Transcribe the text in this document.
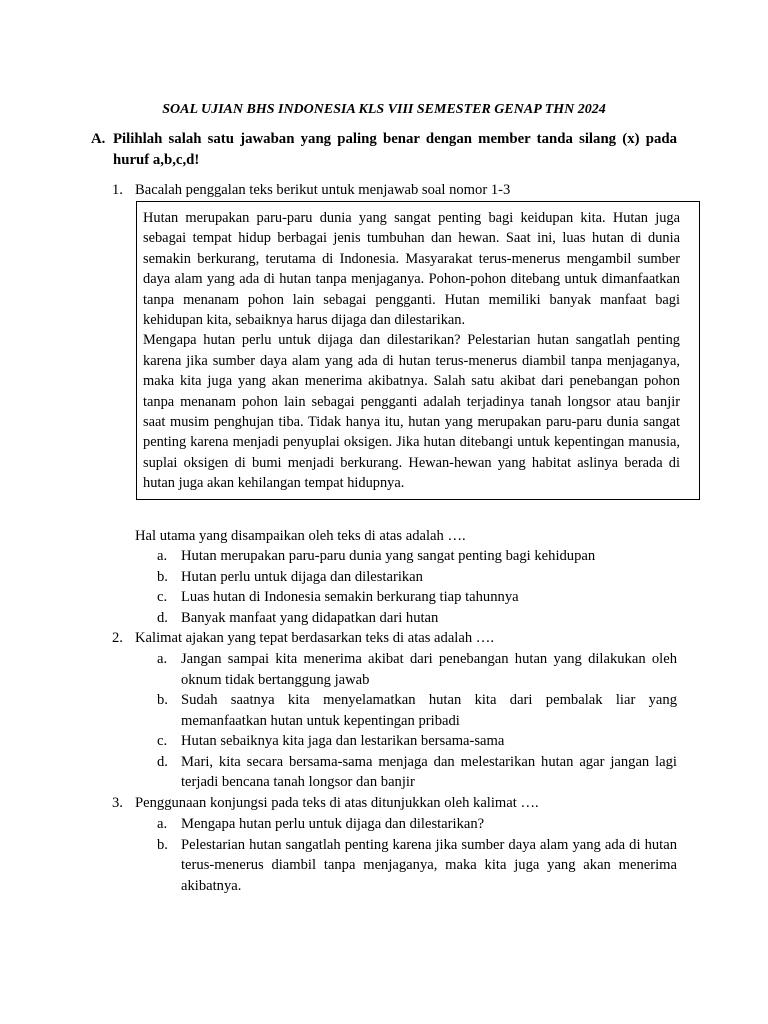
SOAL UJIAN BHS INDONESIA KLS VIII SEMESTER GENAP THN 2024
A. Pilihlah salah satu jawaban yang paling benar dengan member tanda silang (x) pada huruf a,b,c,d!
1. Bacalah penggalan teks berikut untuk menjawab soal nomor 1-3

Hutan merupakan paru-paru dunia yang sangat penting bagi keidupan kita. Hutan juga sebagai tempat hidup berbagai jenis tumbuhan dan hewan. Saat ini, luas hutan di dunia semakin berkurang, terutama di Indonesia. Masyarakat terus-menerus mengambil sumber daya alam yang ada di hutan tanpa menjaganya. Pohon-pohon ditebang untuk dimanfaatkan tanpa menanam pohon lain sebagai pengganti. Hutan memiliki banyak manfaat bagi kehidupan kita, sebaiknya harus dijaga dan dilestarikan.

Mengapa hutan perlu untuk dijaga dan dilestarikan? Pelestarian hutan sangatlah penting karena jika sumber daya alam yang ada di hutan terus-menerus diambil tanpa menjaganya, maka kita juga yang akan menerima akibatnya. Salah satu akibat dari penebangan pohon tanpa menanam pohon lain sebagai pengganti adalah terjadinya tanah longsor atau banjir saat musim penghujan tiba. Tidak hanya itu, hutan yang merupakan paru-paru dunia sangat penting karena menjadi penyuplai oksigen. Jika hutan ditebangi untuk kepentingan manusia, suplai oksigen di bumi menjadi berkurang. Hewan-hewan yang habitat aslinya berada di hutan juga akan kehilangan tempat hidupnya.

Hal utama yang disampaikan oleh teks di atas adalah ….
a. Hutan merupakan paru-paru dunia yang sangat penting bagi kehidupan
b. Hutan perlu untuk dijaga dan dilestarikan
c. Luas hutan di Indonesia semakin berkurang tiap tahunnya
d. Banyak manfaat yang didapatkan dari hutan
2. Kalimat ajakan yang tepat berdasarkan teks di atas adalah ….
a. Jangan sampai kita menerima akibat dari penebangan hutan yang dilakukan oleh oknum tidak bertanggung jawab
b. Sudah saatnya kita menyelamatkan hutan kita dari pembalak liar yang memanfaatkan hutan untuk kepentingan pribadi
c. Hutan sebaiknya kita jaga dan lestarikan bersama-sama
d. Mari, kita secara bersama-sama menjaga dan melestarikan hutan agar jangan lagi terjadi bencana tanah longsor dan banjir
3. Penggunaan konjungsi pada teks di atas ditunjukkan oleh kalimat ….
a. Mengapa hutan perlu untuk dijaga dan dilestarikan?
b. Pelestarian hutan sangatlah penting karena jika sumber daya alam yang ada di hutan terus-menerus diambil tanpa menjaganya, maka kita juga yang akan menerima akibatnya.
